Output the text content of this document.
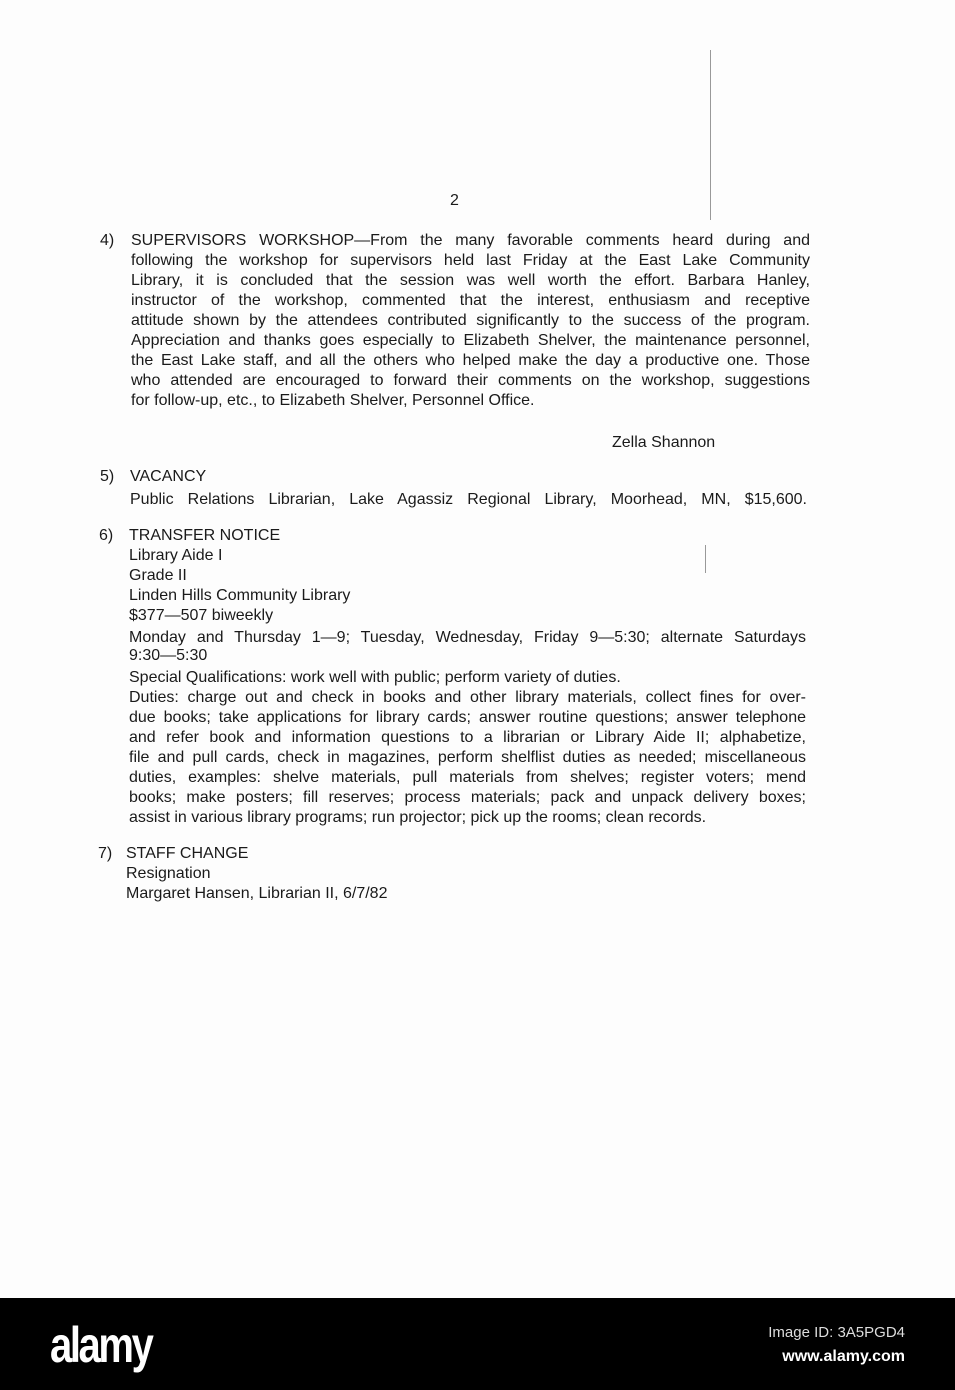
2
4) SUPERVISORS WORKSHOP—From the many favorable comments heard during and
following the workshop for supervisors held last Friday at the East Lake Community
Library, it is concluded that the session was well worth the effort. Barbara Hanley,
instructor of the workshop, commented that the interest, enthusiasm and receptive
attitude shown by the attendees contributed significantly to the success of the program.
Appreciation and thanks goes especially to Elizabeth Shelver, the maintenance personnel,
the East Lake staff, and all the others who helped make the day a productive one. Those
who attended are encouraged to forward their comments on the workshop, suggestions
for follow-up, etc., to Elizabeth Shelver, Personnel Office.
5) VACANCY
Public Relations Librarian, Lake Agassiz Regional Library, Moorhead, MN, $15,600.
6) TRANSFER NOTICE
Library Aide I
Grade II
Linden Hills Community Library
$377—507 biweekly
Monday and Thursday 1—9; Tuesday, Wednesday, Friday 9—5:30; alternate Saturdays
9:30—5:30
Special Qualifications: work well with public; perform variety of duties.
Duties: charge out and check in books and other library materials, collect fines for over-
due books; take applications for library cards; answer routine questions; answer telephone
and refer book and information questions to a librarian or Library Aide II; alphabetize,
file and pull cards, check in magazines, perform shelflist duties as needed; miscellaneous
duties, examples: shelve materials, pull materials from shelves; register voters; mend
books; make posters; fill reserves; process materials; pack and unpack delivery boxes;
assist in various library programs; run projector; pick up the rooms; clean records.
7) STAFF CHANGE
Resignation
Margaret Hansen, Librarian II, 6/7/82
Zella Shannon
alamy	Image ID: 3A5PGD4
www.alamy.com
